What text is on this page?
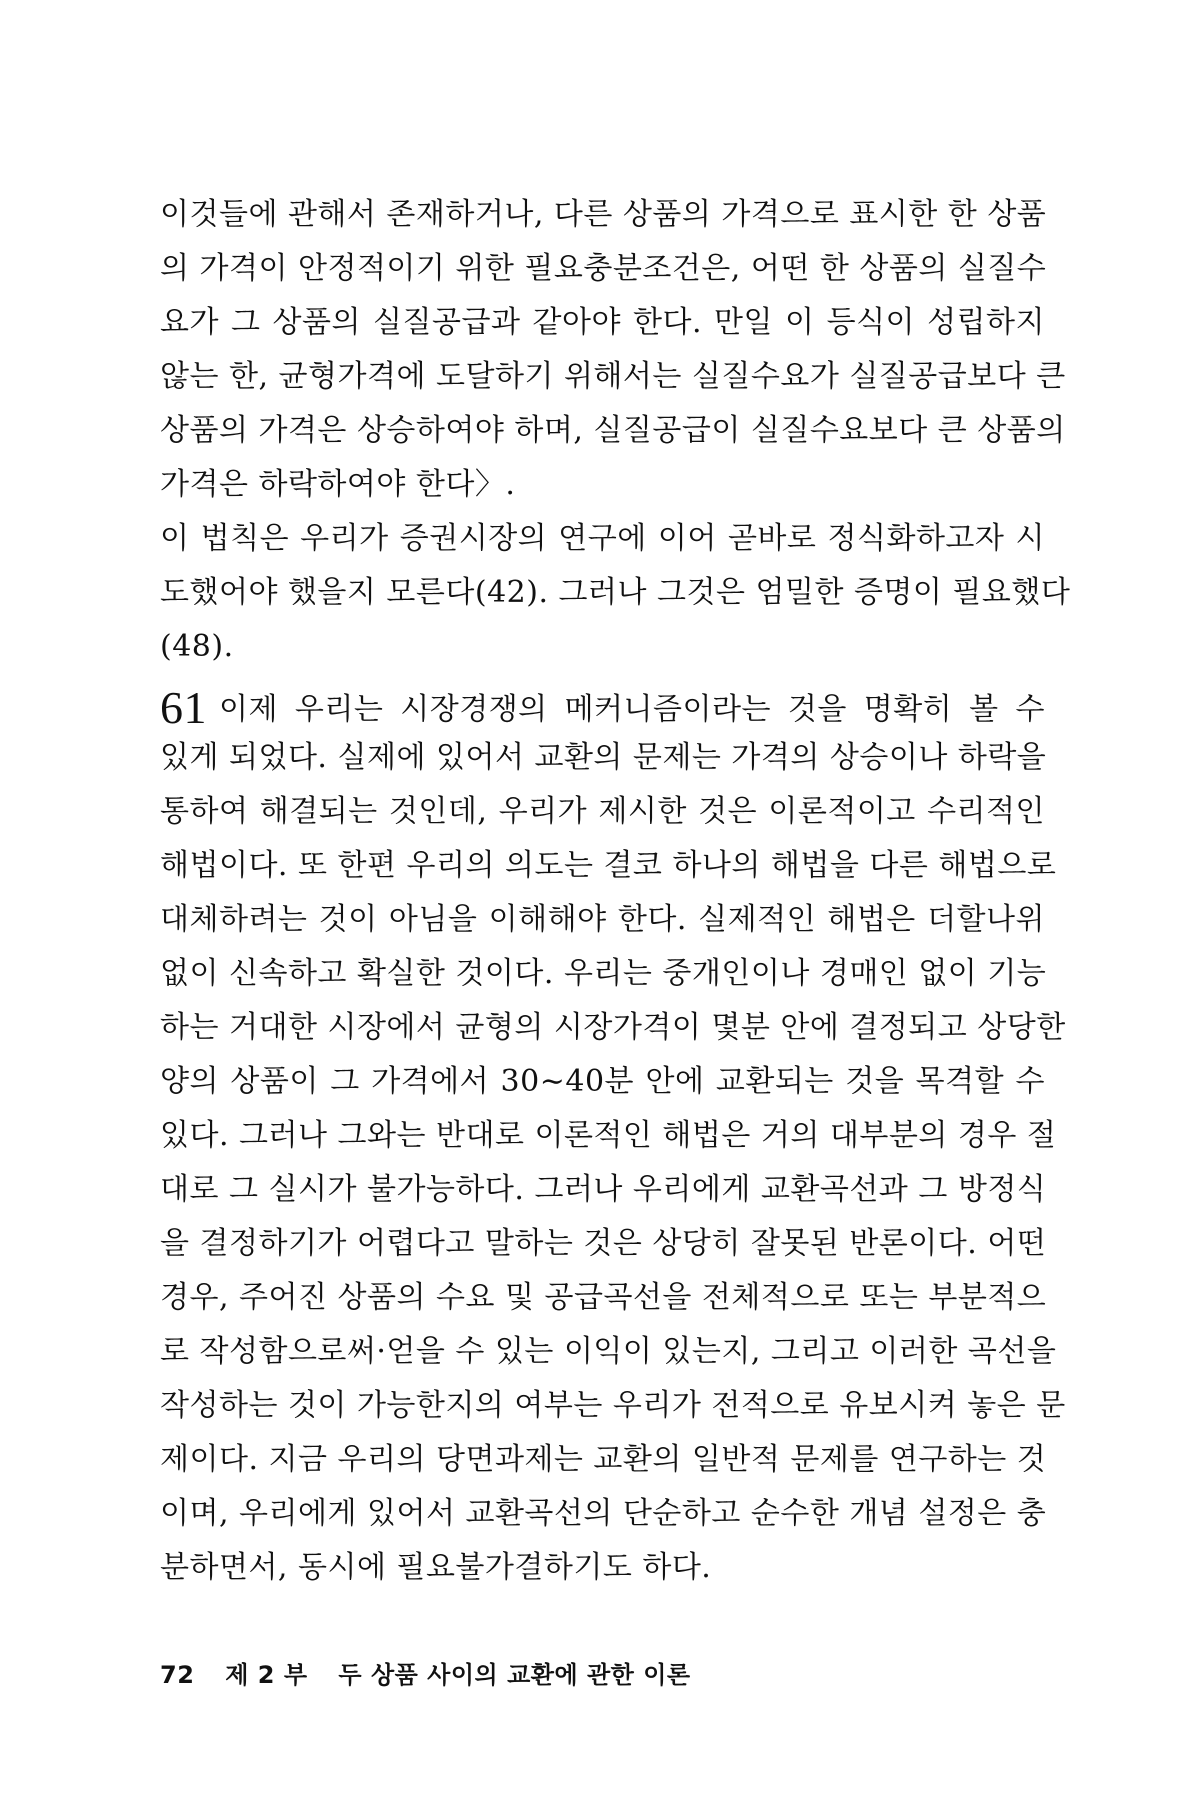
이것들에 관해서 존재하거나, 다른 상품의 가격으로 표시한 한 상품
의 가격이 안정적이기 위한 필요충분조건은, 어떤 한 상품의 실질수
요가 그 상품의 실질공급과 같아야 한다. 만일 이 등식이 성립하지
않는 한, 균형가격에 도달하기 위해서는 실질수요가 실질공급보다 큰
상품의 가격은 상승하여야 하며, 실질공급이 실질수요보다 큰 상품의
가격은 하락하여야 한다〉.
이 법칙은 우리가 증권시장의 연구에 이어 곧바로 정식화하고자 시
도했어야 했을지 모른다(42). 그러나 그것은 엄밀한 증명이 필요했다
(48).
61 이제 우리는 시장경쟁의 메커니즘이라는 것을 명확히 볼 수
있게 되었다. 실제에 있어서 교환의 문제는 가격의 상승이나 하락을
통하여 해결되는 것인데, 우리가 제시한 것은 이론적이고 수리적인
해법이다. 또 한편 우리의 의도는 결코 하나의 해법을 다른 해법으로
대체하려는 것이 아님을 이해해야 한다. 실제적인 해법은 더할나위
없이 신속하고 확실한 것이다. 우리는 중개인이나 경매인 없이 기능
하는 거대한 시장에서 균형의 시장가격이 몇분 안에 결정되고 상당한
양의 상품이 그 가격에서 30∼40분 안에 교환되는 것을 목격할 수
있다. 그러나 그와는 반대로 이론적인 해법은 거의 대부분의 경우 절
대로 그 실시가 불가능하다. 그러나 우리에게 교환곡선과 그 방정식
을 결정하기가 어렵다고 말하는 것은 상당히 잘못된 반론이다. 어떤
경우, 주어진 상품의 수요 및 공급곡선을 전체적으로 또는 부분적으
로 작성함으로써·얻을 수 있는 이익이 있는지, 그리고 이러한 곡선을
작성하는 것이 가능한지의 여부는 우리가 전적으로 유보시켜 놓은 문
제이다. 지금 우리의 당면과제는 교환의 일반적 문제를 연구하는 것
이며, 우리에게 있어서 교환곡선의 단순하고 순수한 개념 설정은 충
분하면서, 동시에 필요불가결하기도 하다.
72 제 2 부 두 상품 사이의 교환에 관한 이론
